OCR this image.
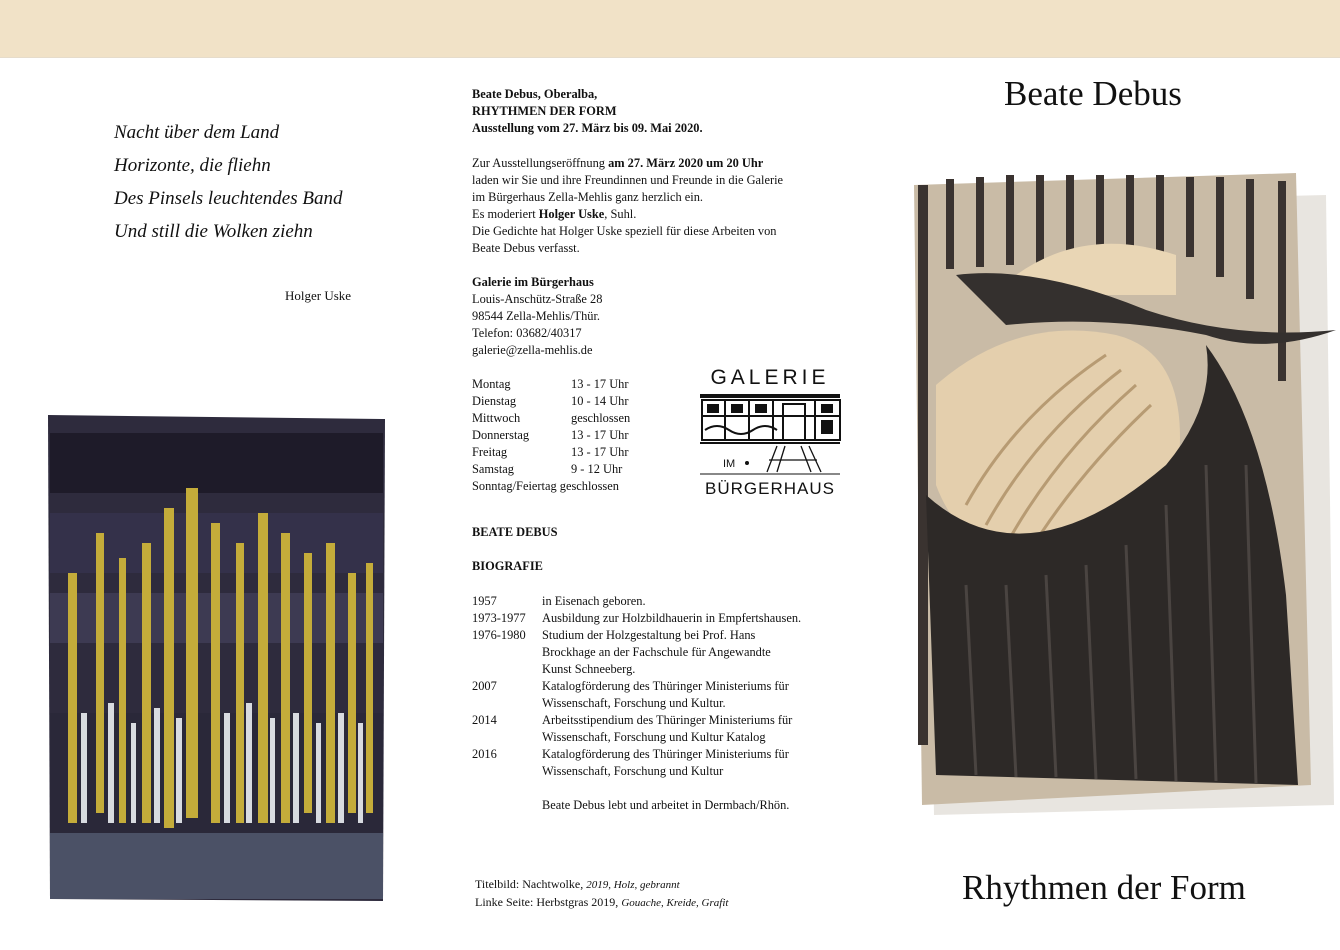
Nacht über dem Land
Horizonte, die fliehn
Des Pinsels leuchtendes Band
Und still die Wolken ziehn
Holger Uske
Beate Debus, Oberalba,
RHYTHMEN DER FORM
Ausstellung vom 27. März bis 09. Mai 2020.
Zur Ausstellungseröffnung am 27. März 2020 um 20 Uhr
laden wir Sie und ihre Freundinnen und Freunde in die Galerie
im Bürgerhaus Zella-Mehlis ganz herzlich ein.
Es moderiert Holger Uske, Suhl.
Die Gedichte hat Holger Uske speziell für diese Arbeiten von
Beate Debus verfasst.
Galerie im Bürgerhaus
Louis-Anschütz-Straße 28
98544 Zella-Mehlis/Thür.
Telefon: 03682/40317
galerie@zella-mehlis.de
Montag	13 - 17 Uhr
Dienstag	10 - 14 Uhr
Mittwoch	geschlossen
Donnerstag	13 - 17 Uhr
Freitag	13 - 17 Uhr
Samstag	9 - 12 Uhr
Sonntag/Feiertag geschlossen
GALERIE
IM
BÜRGERHAUS
BEATE DEBUS
BIOGRAFIE
1957	in Eisenach geboren.
1973-1977	Ausbildung zur Holzbildhauerin in Empfertshausen.
1976-1980	Studium der Holzgestaltung bei Prof. Hans Brockhage an der Fachschule für Angewandte Kunst Schneeberg.
2007	Katalogförderung des Thüringer Ministeriums für Wissenschaft, Forschung und Kultur.
2014	Arbeitsstipendium des Thüringer Ministeriums für Wissenschaft, Forschung und Kultur Katalog
2016	Katalogförderung des Thüringer Ministeriums für Wissenschaft, Forschung und Kultur
Beate Debus lebt und arbeitet in Dermbach/Rhön.
Titelbild: Nachtwolke, 2019, Holz, gebrannt
Linke Seite: Herbstgras 2019, Gouache, Kreide, Grafit
Beate Debus
Rhythmen der Form
